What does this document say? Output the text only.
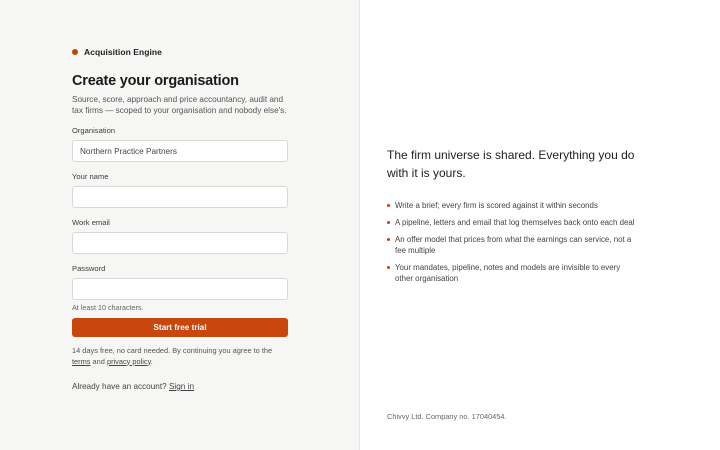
Acquisition Engine
Create your organisation

Source, score, approach and price accountancy, audit and tax firms — scoped to your organisation and nobody else's.

Organisation
Northern Practice Partners
Your name
Work email
Password

At least 10 characters.

Start free trial

14 days free, no card needed. By continuing you agree to the terms and privacy policy.

Already have an account? Sign in

The firm universe is shared. Everything you do with it is yours.

Write a brief; every firm is scored against it within seconds
A pipeline, letters and email that log themselves back onto each deal
An offer model that prices from what the earnings can service, not a fee multiple
Your mandates, pipeline, notes and models are invisible to every other organisation

Chivvy Ltd. Company no. 17040454.
